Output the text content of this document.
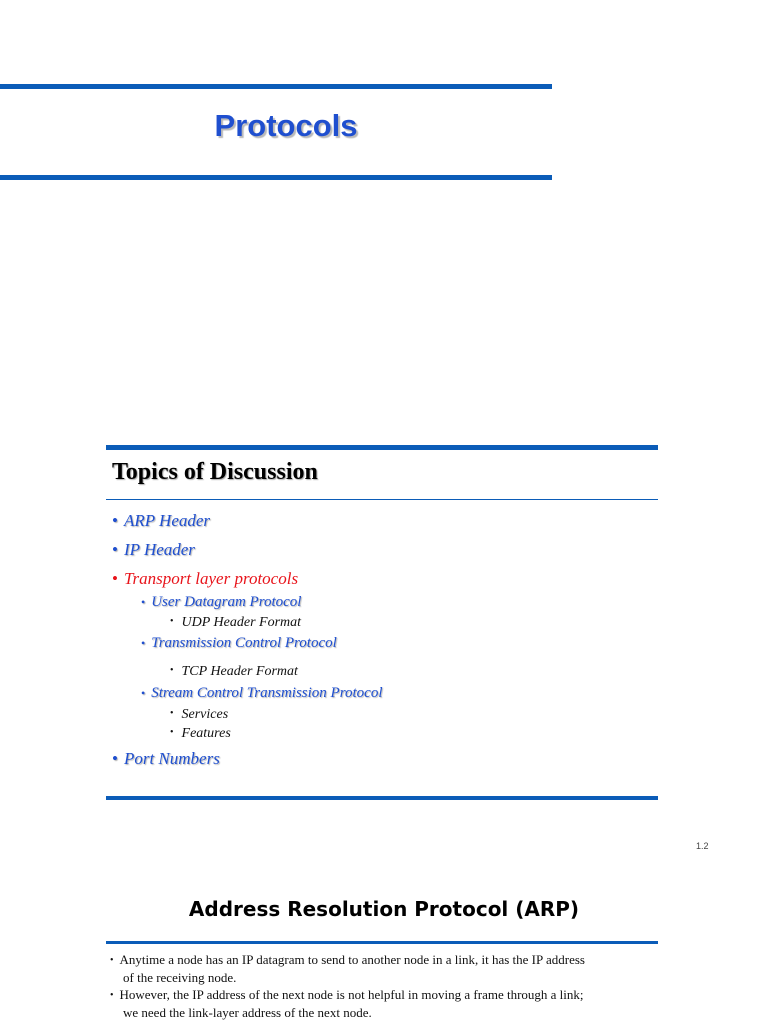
Protocols
Topics of Discussion
• ARP Header
• IP Header
• Transport layer protocols
• User Datagram Protocol
• UDP Header Format
• Transmission Control Protocol
• TCP Header Format
• Stream Control Transmission Protocol
• Services
• Features
• Port Numbers
1.2
Address Resolution Protocol (ARP)
• Anytime a node has an IP datagram to send to another node in a link, it has the IP address
of the receiving node.
• However, the IP address of the next node is not helpful in moving a frame through a link;
we need the link-layer address of the next node.
